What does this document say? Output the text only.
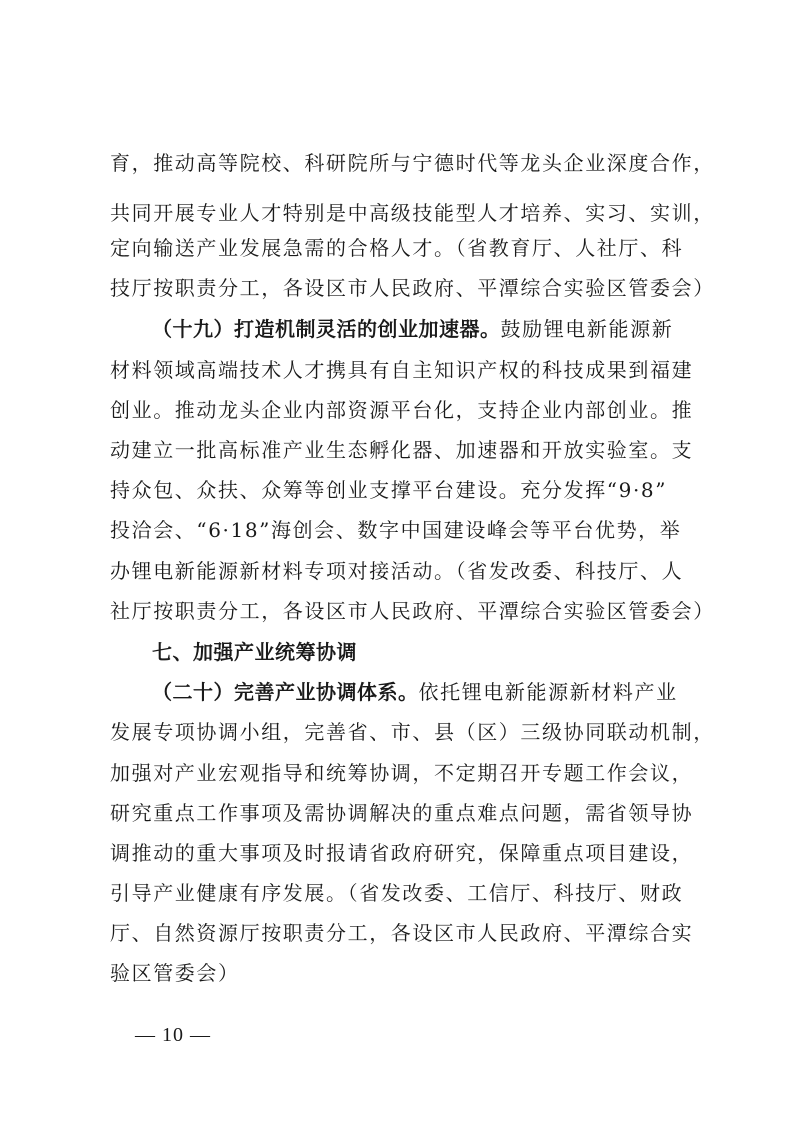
育，推动高等院校、科研院所与宁德时代等龙头企业深度合作，
共同开展专业人才特别是中高级技能型人才培养、实习、实训，
定向输送产业发展急需的合格人才。（省教育厅、人社厅、科
技厅按职责分工，各设区市人民政府、平潭综合实验区管委会）
（十九）打造机制灵活的创业加速器。鼓励锂电新能源新
材料领域高端技术人才携具有自主知识产权的科技成果到福建
创业。推动龙头企业内部资源平台化，支持企业内部创业。推
动建立一批高标准产业生态孵化器、加速器和开放实验室。支
持众包、众扶、众筹等创业支撑平台建设。充分发挥“9·8”
投洽会、“6·18”海创会、数字中国建设峰会等平台优势，举
办锂电新能源新材料专项对接活动。（省发改委、科技厅、人
社厅按职责分工，各设区市人民政府、平潭综合实验区管委会）
七、加强产业统筹协调
（二十）完善产业协调体系。依托锂电新能源新材料产业
发展专项协调小组，完善省、市、县（区）三级协同联动机制，
加强对产业宏观指导和统筹协调，不定期召开专题工作会议，
研究重点工作事项及需协调解决的重点难点问题，需省领导协
调推动的重大事项及时报请省政府研究，保障重点项目建设，
引导产业健康有序发展。（省发改委、工信厅、科技厅、财政
厅、自然资源厅按职责分工，各设区市人民政府、平潭综合实
验区管委会）
— 10 —
